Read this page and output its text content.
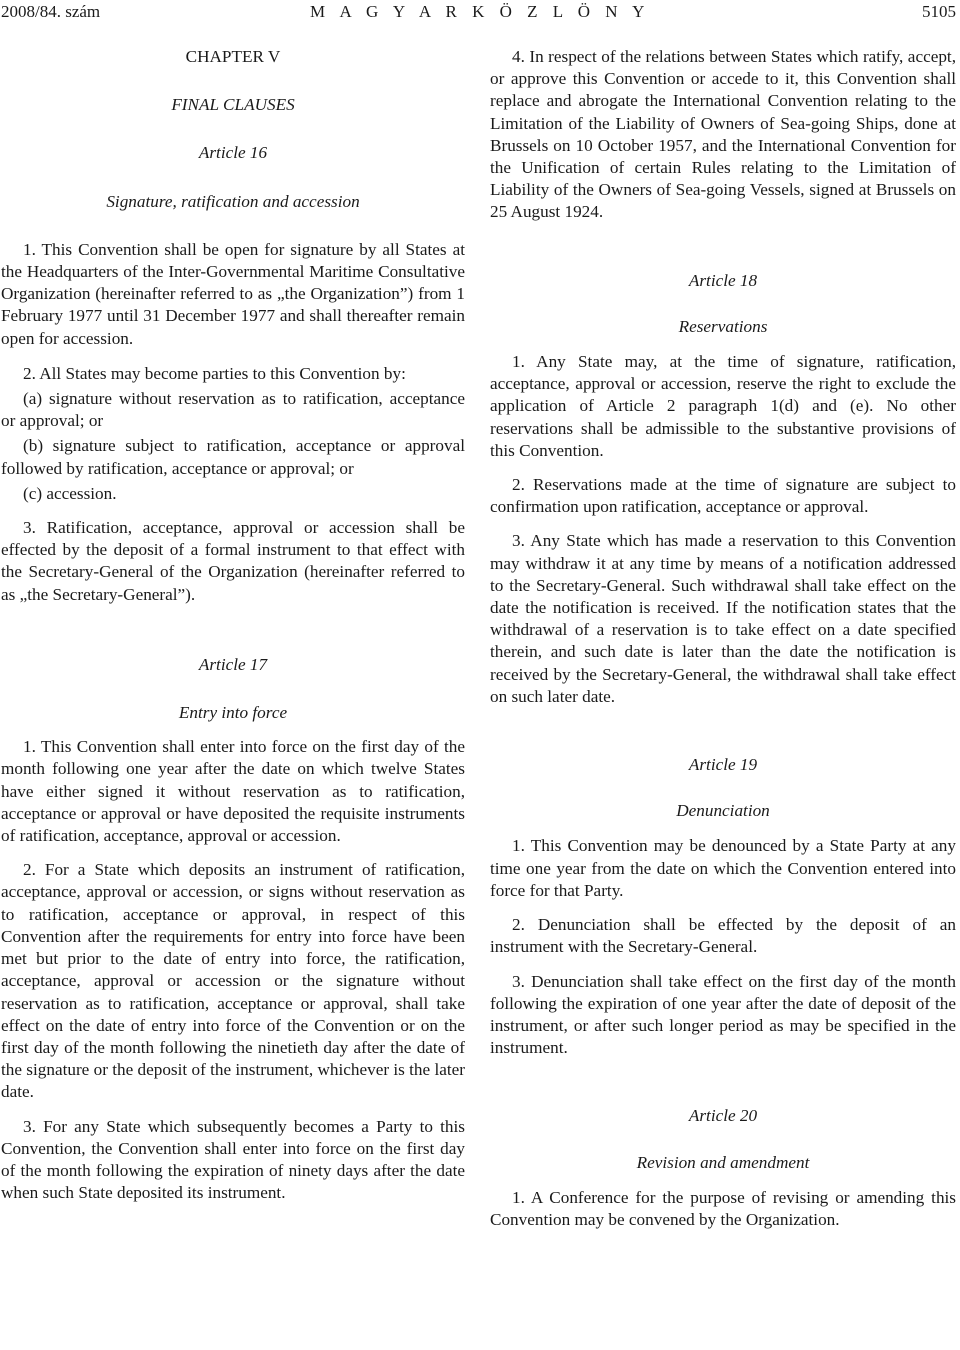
2008/84. szám	M A G Y A R K Ö Z L Ö N Y	5105

CHAPTER V

FINAL CLAUSES

Article 16

Signature, ratification and accession

1. This Convention shall be open for signature by all States at the Headquarters of the Inter-Governmental Maritime Consultative Organization (hereinafter referred to as „the Organization”) from 1 February 1977 until 31 December 1977 and shall thereafter remain open for accession.

2. All States may become parties to this Convention by:

(a) signature without reservation as to ratification, acceptance or approval; or

(b) signature subject to ratification, acceptance or approval followed by ratification, acceptance or approval; or

(c) accession.

3. Ratification, acceptance, approval or accession shall be effected by the deposit of a formal instrument to that effect with the Secretary-General of the Organization (hereinafter referred to as „the Secretary-General”).

Article 17

Entry into force

1. This Convention shall enter into force on the first day of the month following one year after the date on which twelve States have either signed it without reservation as to ratification, acceptance or approval or have deposited the requisite instruments of ratification, acceptance, approval or accession.

2. For a State which deposits an instrument of ratification, acceptance, approval or accession, or signs without reservation as to ratification, acceptance or approval, in respect of this Convention after the requirements for entry into force have been met but prior to the date of entry into force, the ratification, acceptance, approval or accession or the signature without reservation as to ratification, acceptance or approval, shall take effect on the date of entry into force of the Convention or on the first day of the month following the ninetieth day after the date of the signature or the deposit of the instrument, whichever is the later date.

3. For any State which subsequently becomes a Party to this Convention, the Convention shall enter into force on the first day of the month following the expiration of ninety days after the date when such State deposited its instrument.

4. In respect of the relations between States which ratify, accept, or approve this Convention or accede to it, this Convention shall replace and abrogate the International Convention relating to the Limitation of the Liability of Owners of Sea-going Ships, done at Brussels on 10 October 1957, and the International Convention for the Unification of certain Rules relating to the Limitation of Liability of the Owners of Sea-going Vessels, signed at Brussels on 25 August 1924.

Article 18

Reservations

1. Any State may, at the time of signature, ratification, acceptance, approval or accession, reserve the right to exclude the application of Article 2 paragraph 1(d) and (e). No other reservations shall be admissible to the substantive provisions of this Convention.

2. Reservations made at the time of signature are subject to confirmation upon ratification, acceptance or approval.

3. Any State which has made a reservation to this Convention may withdraw it at any time by means of a notification addressed to the Secretary-General. Such withdrawal shall take effect on the date the notification is received. If the notification states that the withdrawal of a reservation is to take effect on a date specified therein, and such date is later than the date the notification is received by the Secretary-General, the withdrawal shall take effect on such later date.

Article 19

Denunciation

1. This Convention may be denounced by a State Party at any time one year from the date on which the Convention entered into force for that Party.

2. Denunciation shall be effected by the deposit of an instrument with the Secretary-General.

3. Denunciation shall take effect on the first day of the month following the expiration of one year after the date of deposit of the instrument, or after such longer period as may be specified in the instrument.

Article 20

Revision and amendment

1. A Conference for the purpose of revising or amending this Convention may be convened by the Organization.
